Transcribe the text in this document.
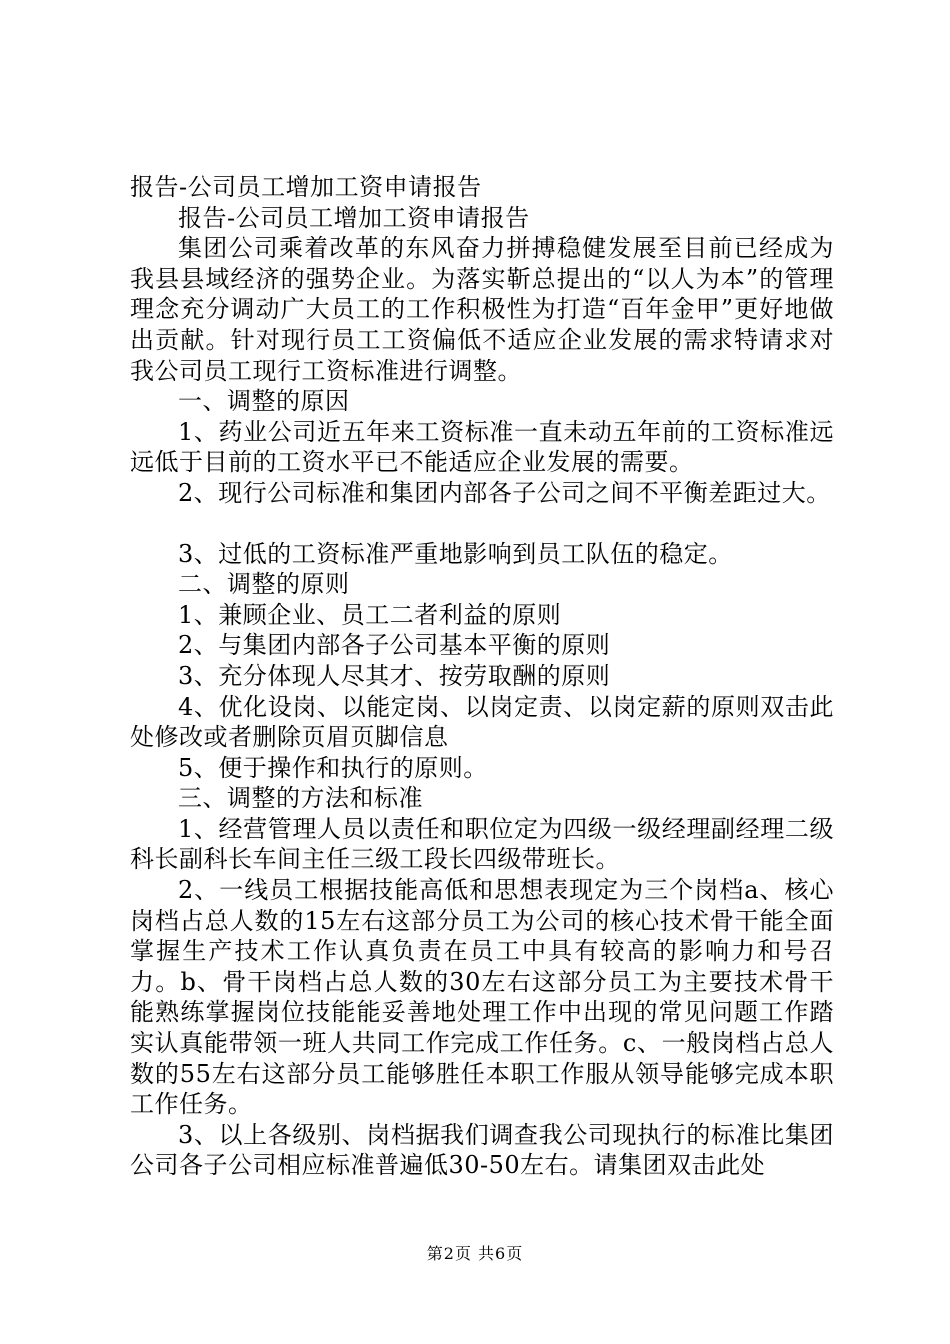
报告-公司员工增加工资申请报告

报告-公司员工增加工资申请报告

集团公司乘着改革的东风奋力拼搏稳健发展至目前已经成为我县县域经济的强势企业。为落实靳总提出的“以人为本”的管理理念充分调动广大员工的工作积极性为打造“百年金甲”更好地做出贡献。针对现行员工工资偏低不适应企业发展的需求特请求对我公司员工现行工资标准进行调整。

一、调整的原因

1、药业公司近五年来工资标准一直未动五年前的工资标准远远低于目前的工资水平已不能适应企业发展的需要。

2、现行公司标准和集团内部各子公司之间不平衡差距过大。

3、过低的工资标准严重地影响到员工队伍的稳定。

二、调整的原则

1、兼顾企业、员工二者利益的原则

2、与集团内部各子公司基本平衡的原则

3、充分体现人尽其才、按劳取酬的原则

4、优化设岗、以能定岗、以岗定责、以岗定薪的原则双击此处修改或者删除页眉页脚信息

5、便于操作和执行的原则。

三、调整的方法和标准

1、经营管理人员以责任和职位定为四级一级经理副经理二级科长副科长车间主任三级工段长四级带班长。

2、一线员工根据技能高低和思想表现定为三个岗档a、核心岗档占总人数的15左右这部分员工为公司的核心技术骨干能全面掌握生产技术工作认真负责在员工中具有较高的影响力和号召力。b、骨干岗档占总人数的30左右这部分员工为主要技术骨干能熟练掌握岗位技能能妥善地处理工作中出现的常见问题工作踏实认真能带领一班人共同工作完成工作任务。c、一般岗档占总人数的55左右这部分员工能够胜任本职工作服从领导能够完成本职工作任务。

3、以上各级别、岗档据我们调查我公司现执行的标准比集团公司各子公司相应标准普遍低30-50左右。请集团双击此处

第2页 共6页
